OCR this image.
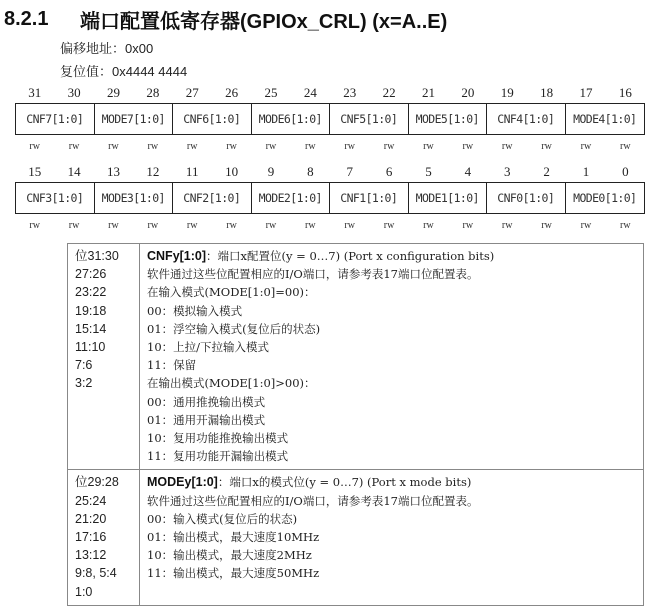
8.2.1	端口配置低寄存器(GPIOx_CRL) (x=A..E)
偏移地址：0x00
复位值：0x4444 4444
31	30	29	28	27	26	25	24	23	22	21	20	19	18	17	16
CNF7[1:0]	MODE7[1:0]	CNF6[1:0]	MODE6[1:0]	CNF5[1:0]	MODE5[1:0]	CNF4[1:0]	MODE4[1:0]
rw	rw	rw	rw	rw	rw	rw	rw	rw	rw	rw	rw	rw	rw	rw	rw
15	14	13	12	11	10	9	8	7	6	5	4	3	2	1	0
CNF3[1:0]	MODE3[1:0]	CNF2[1:0]	MODE2[1:0]	CNF1[1:0]	MODE1[1:0]	CNF0[1:0]	MODE0[1:0]
rw	rw	rw	rw	rw	rw	rw	rw	rw	rw	rw	rw	rw	rw	rw	rw
位31:30
27:26
23:22
19:18
15:14
11:10
7:6
3:2

CNFy[1:0]：端口x配置位(y = 0…7) (Port x configuration bits)
软件通过这些位配置相应的I/O端口，请参考表17端口位配置表。
在输入模式(MODE[1:0]=00)：
00：模拟输入模式
01：浮空输入模式(复位后的状态)
10：上拉/下拉输入模式
11：保留
在输出模式(MODE[1:0]>00)：
00：通用推挽输出模式
01：通用开漏输出模式
10：复用功能推挽输出模式
11：复用功能开漏输出模式

位29:28
25:24
21:20
17:16
13:12
9:8, 5:4
1:0

MODEy[1:0]：端口x的模式位(y = 0…7) (Port x mode bits)
软件通过这些位配置相应的I/O端口，请参考表17端口位配置表。
00：输入模式(复位后的状态)
01：输出模式，最大速度10MHz
10：输出模式，最大速度2MHz
11：输出模式，最大速度50MHz
